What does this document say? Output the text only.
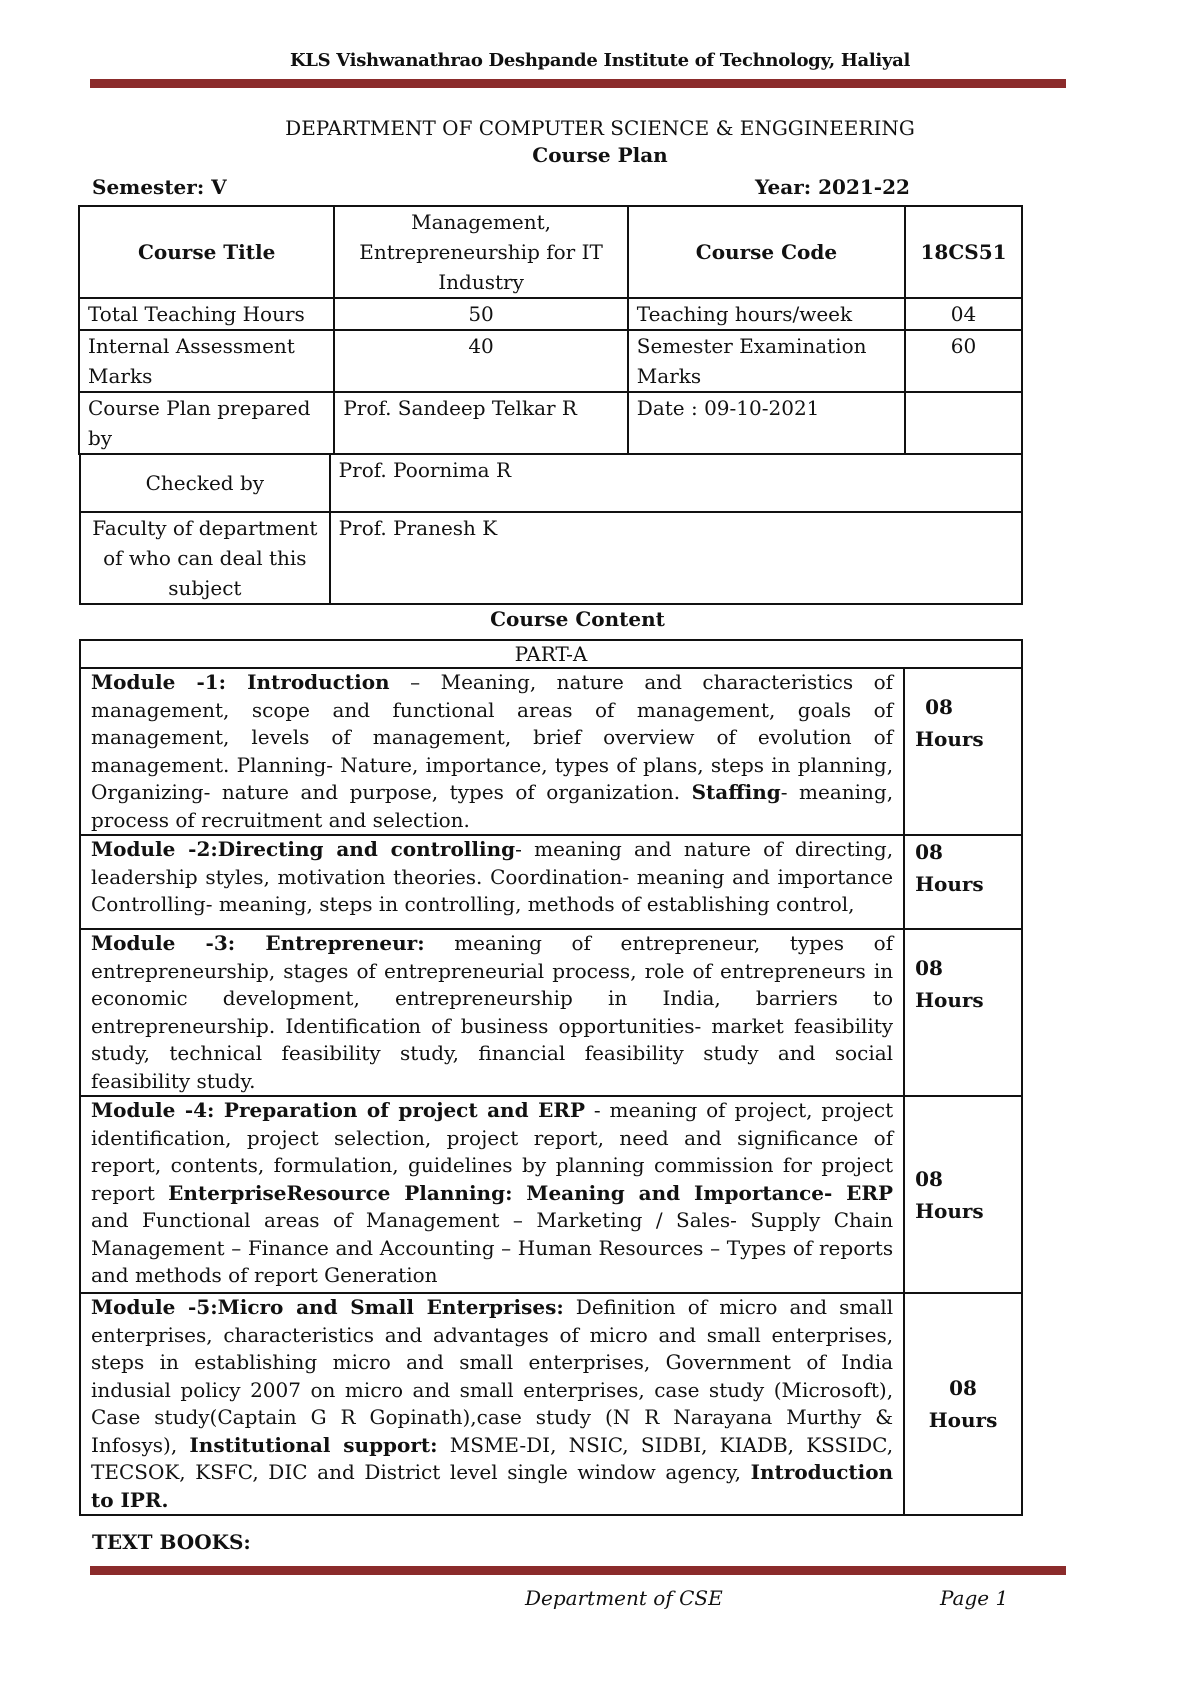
KLS Vishwanathrao Deshpande Institute of Technology, Haliyal
DEPARTMENT OF COMPUTER SCIENCE & ENGGINEERING
Course Plan
Semester: V	Year: 2021-22
Course Title	Management, Entrepreneurship for IT Industry	Course Code	18CS51
Total Teaching Hours	50	Teaching hours/week	04
Internal Assessment Marks	40	Semester Examination Marks	60
Course Plan prepared by	Prof. Sandeep Telkar R	Date : 09-10-2021	
Checked by	Prof. Poornima R
Faculty of department of who can deal this subject	Prof. Pranesh K
Course Content
PART-A	
Module -1: Introduction – Meaning, nature and characteristics of management, scope and functional areas of management, goals of management, levels of management, brief overview of evolution of management. Planning- Nature, importance, types of plans, steps in planning, Organizing- nature and purpose, types of organization. Staffing- meaning, process of recruitment and selection.	08
Hours

Module -2:Directing and controlling- meaning and nature of directing, leadership styles, motivation theories. Coordination- meaning and importance Controlling- meaning, steps in controlling, methods of establishing control,	08
Hours

Module -3: Entrepreneur: meaning of entrepreneur, types of entrepreneurship, stages of entrepreneurial process, role of entrepreneurs in economic development, entrepreneurship in India, barriers to entrepreneurship. Identification of business opportunities- market feasibility study, technical feasibility study, financial feasibility study and social feasibility study.	08
Hours

Module -4: Preparation of project and ERP - meaning of project, project identification, project selection, project report, need and significance of report, contents, formulation, guidelines by planning commission for project report EnterpriseResource Planning: Meaning and Importance- ERP and Functional areas of Management – Marketing / Sales- Supply Chain Management – Finance and Accounting – Human Resources – Types of reports and methods of report Generation	08
Hours

Module -5:Micro and Small Enterprises: Definition of micro and small enterprises, characteristics and advantages of micro and small enterprises, steps in establishing micro and small enterprises, Government of India indusial policy 2007 on micro and small enterprises, case study (Microsoft), Case study(Captain G R Gopinath),case study (N R Narayana Murthy & Infosys), Institutional support: MSME-DI, NSIC, SIDBI, KIADB, KSSIDC, TECSOK, KSFC, DIC and District level single window agency, Introduction to IPR.	08
Hours
TEXT BOOKS:
Department of CSE	Page 1
